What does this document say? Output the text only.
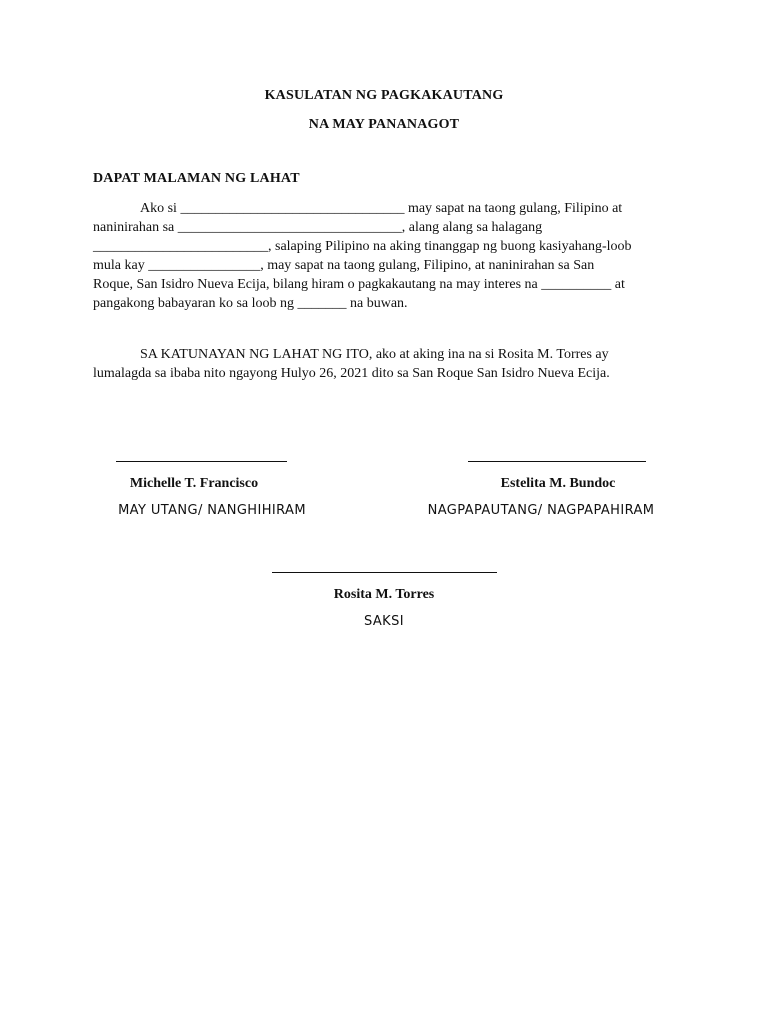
KASULATAN NG PAGKAKAUTANG
NA MAY PANANAGOT
DAPAT MALAMAN NG LAHAT
Ako si ________________________________ may sapat na taong gulang, Filipino at
naninirahan sa ________________________________, alang alang sa halagang
_________________________, salaping Pilipino na aking tinanggap ng buong kasiyahang-loob
mula kay ________________, may sapat na taong gulang, Filipino, at naninirahan sa San
Roque, San Isidro Nueva Ecija, bilang hiram o pagkakautang na may interes na __________ at
pangakong babayaran ko sa loob ng _______ na buwan.
SA KATUNAYAN NG LAHAT NG ITO, ako at aking ina na si Rosita M. Torres ay
lumalagda sa ibaba nito ngayong Hulyo 26, 2021 dito sa San Roque San Isidro Nueva Ecija.

Michelle T. Francisco	Estelita M. Bundoc

MAY UTANG/ NANGHIHIRAM	NAGPAPAUTANG/ NAGPAPAHIRAM

Rosita M. Torres

SAKSI
